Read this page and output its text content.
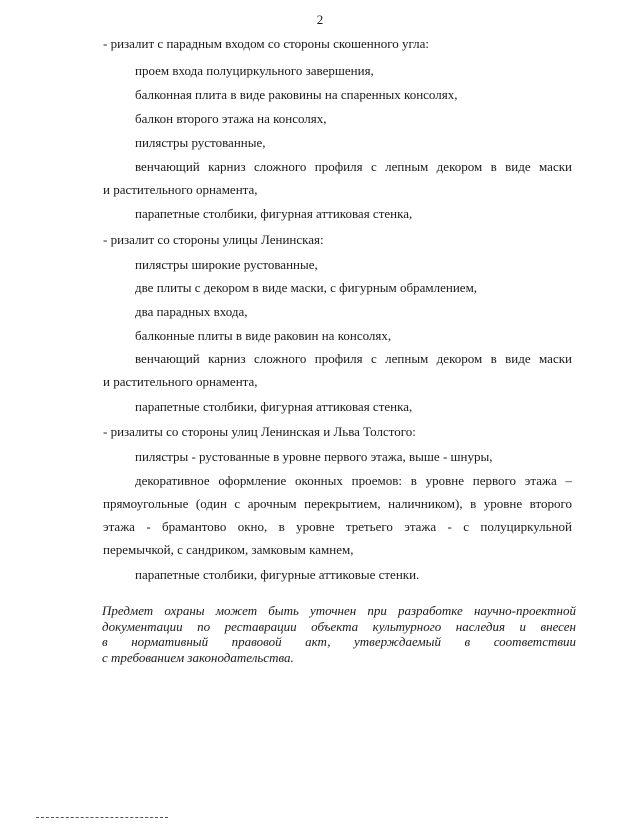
2
- ризалит с парадным входом со стороны скошенного угла:
проем входа полуциркульного завершения,
балконная плита в виде раковины на спаренных консолях,
балкон второго этажа на консолях,
пилястры рустованные,
венчающий карниз сложного профиля с лепным декором в виде маски
и растительного орнамента,
парапетные столбики, фигурная аттиковая стенка,
- ризалит со стороны улицы Ленинская:
пилястры широкие рустованные,
две плиты с декором в виде маски, с фигурным обрамлением,
два парадных входа,
балконные плиты в виде раковин на консолях,
венчающий карниз сложного профиля с лепным декором в виде маски
и растительного орнамента,
парапетные столбики, фигурная аттиковая стенка,
- ризалиты со стороны улиц Ленинская и Льва Толстого:
пилястры - рустованные в уровне первого этажа, выше - шнуры,
декоративное оформление оконных проемов: в уровне первого этажа –
прямоугольные (один с арочным перекрытием, наличником), в уровне второго
этажа - брамантово окно, в уровне третьего этажа - с полуциркульной
перемычкой, с сандриком, замковым камнем,
парапетные столбики, фигурные аттиковые стенки.
Предмет охраны может быть уточнен при разработке научно-проектной
документации по реставрации объекта культурного наследия и внесен
в нормативный правовой акт, утверждаемый в соответствии
с требованием законодательства.
